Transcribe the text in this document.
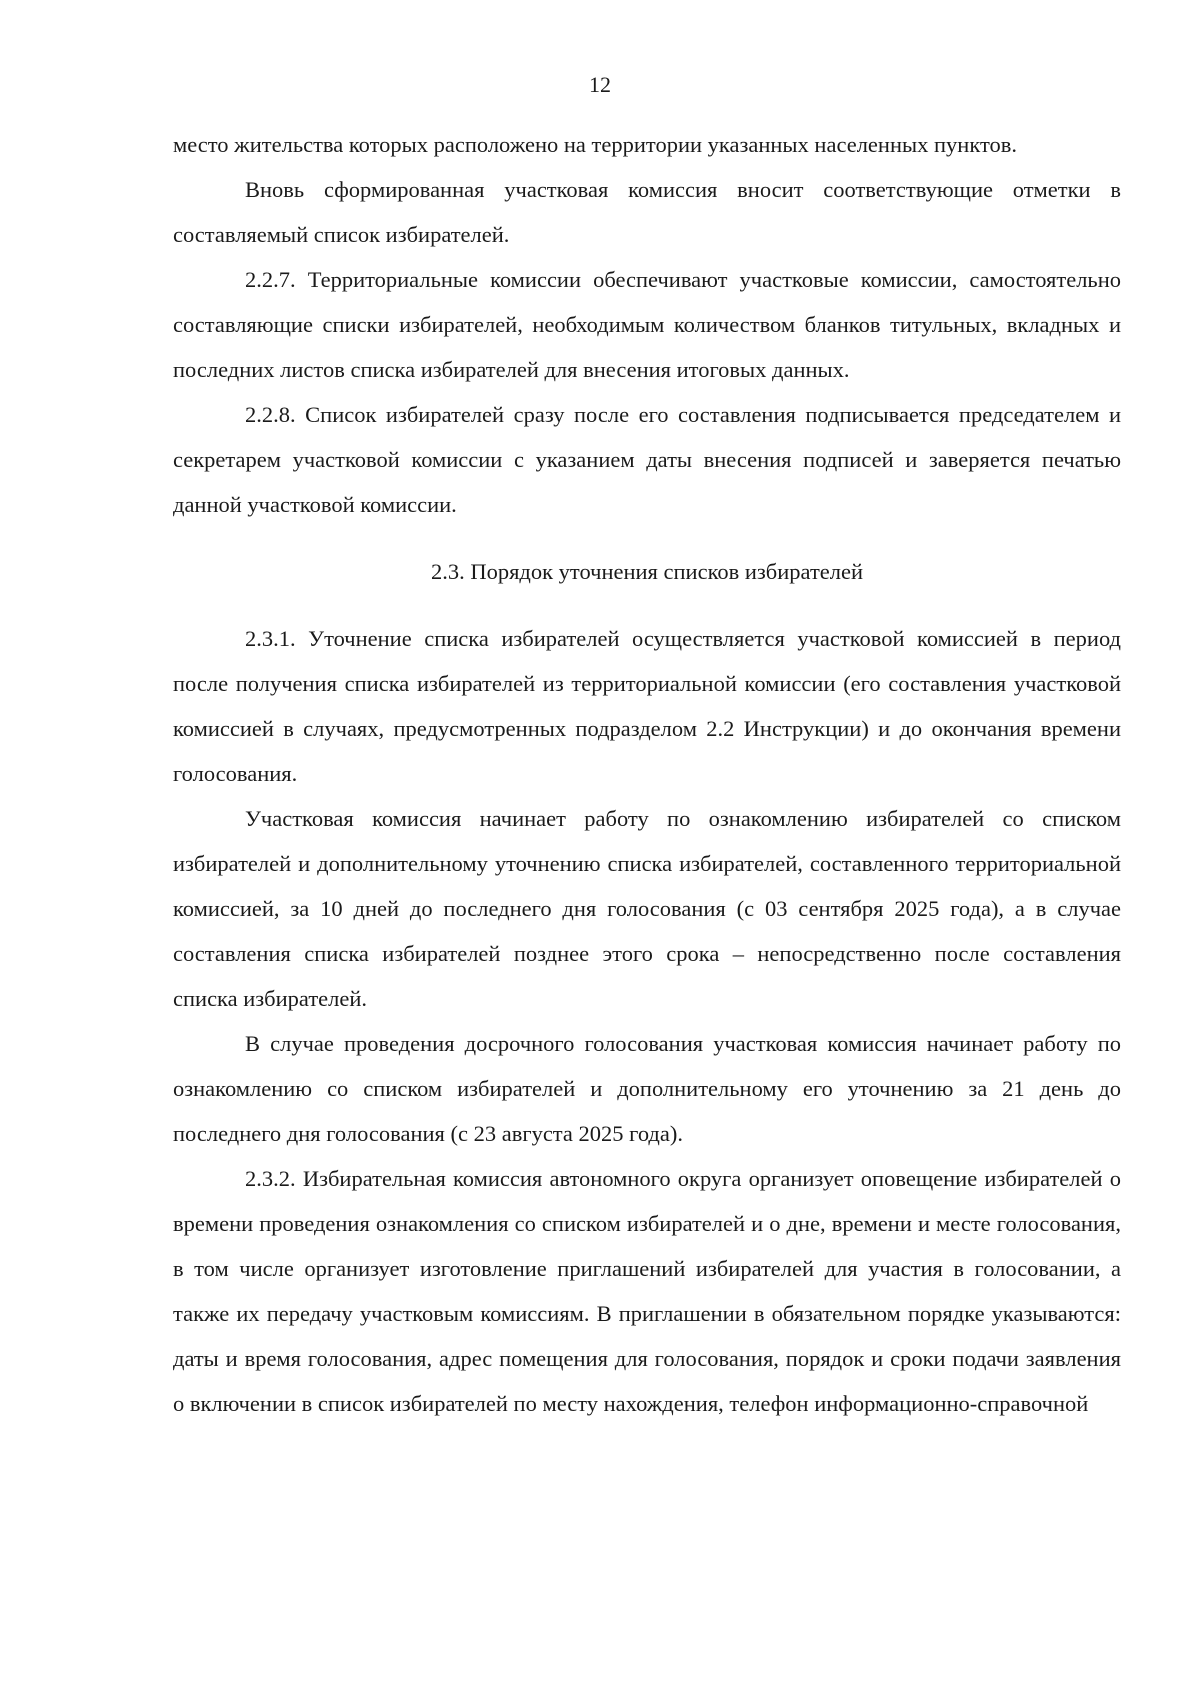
12

место жительства которых расположено на территории указанных населенных пунктов.

Вновь сформированная участковая комиссия вносит соответствующие отметки в составляемый список избирателей.

2.2.7. Территориальные комиссии обеспечивают участковые комиссии, самостоятельно составляющие списки избирателей, необходимым количеством бланков титульных, вкладных и последних листов списка избирателей для внесения итоговых данных.

2.2.8. Список избирателей сразу после его составления подписывается председателем и секретарем участковой комиссии с указанием даты внесения подписей и заверяется печатью данной участковой комиссии.

2.3. Порядок уточнения списков избирателей

2.3.1. Уточнение списка избирателей осуществляется участковой комиссией в период после получения списка избирателей из территориальной комиссии (его составления участковой комиссией в случаях, предусмотренных подразделом 2.2 Инструкции) и до окончания времени голосования.

Участковая комиссия начинает работу по ознакомлению избирателей со списком избирателей и дополнительному уточнению списка избирателей, составленного территориальной комиссией, за 10 дней до последнего дня голосования (с 03 сентября 2025 года), а в случае составления списка избирателей позднее этого срока – непосредственно после составления списка избирателей.

В случае проведения досрочного голосования участковая комиссия начинает работу по ознакомлению со списком избирателей и дополнительному его уточнению за 21 день до последнего дня голосования (с 23 августа 2025 года).

2.3.2. Избирательная комиссия автономного округа организует оповещение избирателей о времени проведения ознакомления со списком избирателей и о дне, времени и месте голосования, в том числе организует изготовление приглашений избирателей для участия в голосовании, а также их передачу участковым комиссиям. В приглашении в обязательном порядке указываются: даты и время голосования, адрес помещения для голосования, порядок и сроки подачи заявления о включении в список избирателей по месту нахождения, телефон информационно-справочной
